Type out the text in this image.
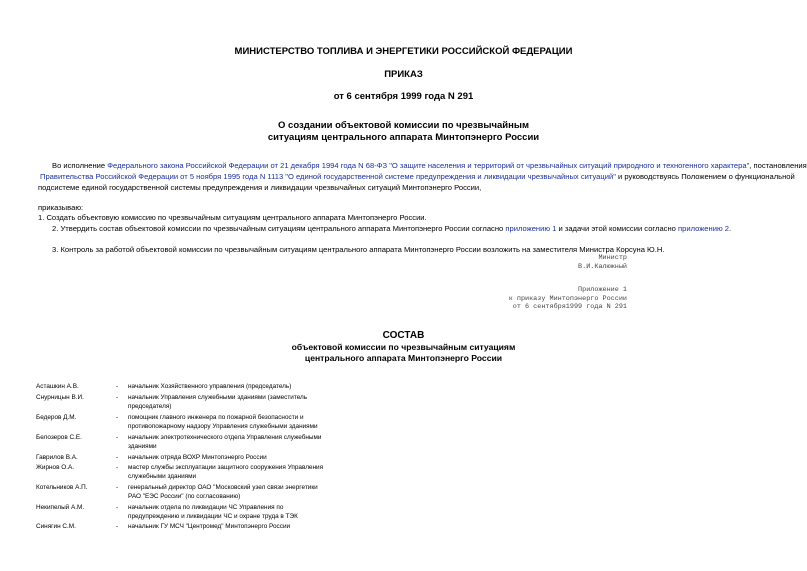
МИНИСТЕРСТВО ТОПЛИВА И ЭНЕРГЕТИКИ РОССИЙСКОЙ ФЕДЕРАЦИИ
ПРИКАЗ
от 6 сентября 1999 года N 291
О создании объектовой комиссии по чрезвычайным
ситуациям центрального аппарата Минтопэнерго России
Во исполнение Федерального закона Российской Федерации от 21 декабря 1994 года N 68-ФЗ "О защите населения и территорий от чрезвычайных ситуаций природного и техногенного характера", постановления
Правительства Российской Федерации от 5 ноября 1995 года N 1113 "О единой государственной системе предупреждения и ликвидации чрезвычайных ситуаций" и руководствуясь Положением о функциональной
подсистеме единой государственной системы предупреждения и ликвидации чрезвычайных ситуаций Минтопэнерго России,
приказываю:
1. Создать объектовую комиссию по чрезвычайным ситуациям центрального аппарата Минтопэнерго России.
2. Утвердить состав объектовой комиссии по чрезвычайным ситуациям центрального аппарата Минтопэнерго России согласно приложению 1 и задачи этой комиссии согласно приложению 2.
3. Контроль за работой объектовой комиссии по чрезвычайным ситуациям центрального аппарата Минтопэнерго России возложить на заместителя Министра Корсуна Ю.Н.
Министр
В.И.Калюжный
Приложение 1
к приказу Минтопэнерго России
от 6 сентября1999 года N 291
СОСТАВ
объектовой комиссии по чрезвычайным ситуациям
центрального аппарата Минтопэнерго России
Асташкин А.В.	- начальник Хозяйственного управления (председатель)
Снурницын В.И.	- начальник Управления служебными зданиями (заместитель
председателя)
Бедеров Д.М.	- помощник главного инженера по пожарной безопасности и
противопожарному надзору Управления служебными зданиями
Белозеров С.Е.	- начальник электротехнического отдела Управления служебными
зданиями
Гаврилов В.А.	- начальник отряда ВОХР Минтопэнерго России
Жирнов О.А.	- мастер службы эксплуатации защитного сооружения Управления
служебными зданиями
Котельников А.П.	- генеральный директор ОАО "Московский узел связи энергетики
РАО "ЕЭС России" (по согласованию)
Некипелый А.М.	- начальник отдела по ликвидации ЧС Управления по
предупреждению и ликвидации ЧС и охране труда в ТЭК
Синягин С.М.	- начальник ГУ МСЧ "Центромед" Минтопэнерго России
